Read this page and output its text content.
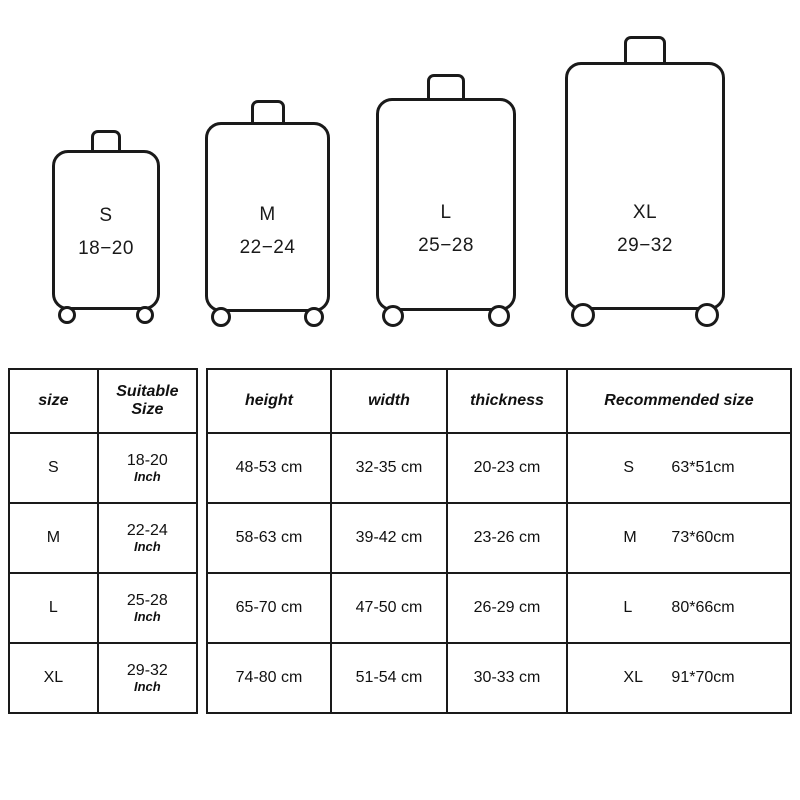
S
18−20
M
22−24
L
25−28
XL
29−32
size	Suitable Size
S	18-20
Inch

M	22-24
Inch

L	25-28
Inch

XL	29-32
Inch
height	width	thickness	Recommended size
48-53 cm	32-35 cm	20-23 cm	S 63*51cm

58-63 cm	39-42 cm	23-26 cm	M 73*60cm

65-70 cm	47-50 cm	26-29 cm	L 80*66cm

74-80 cm	51-54 cm	30-33 cm	XL 91*70cm
